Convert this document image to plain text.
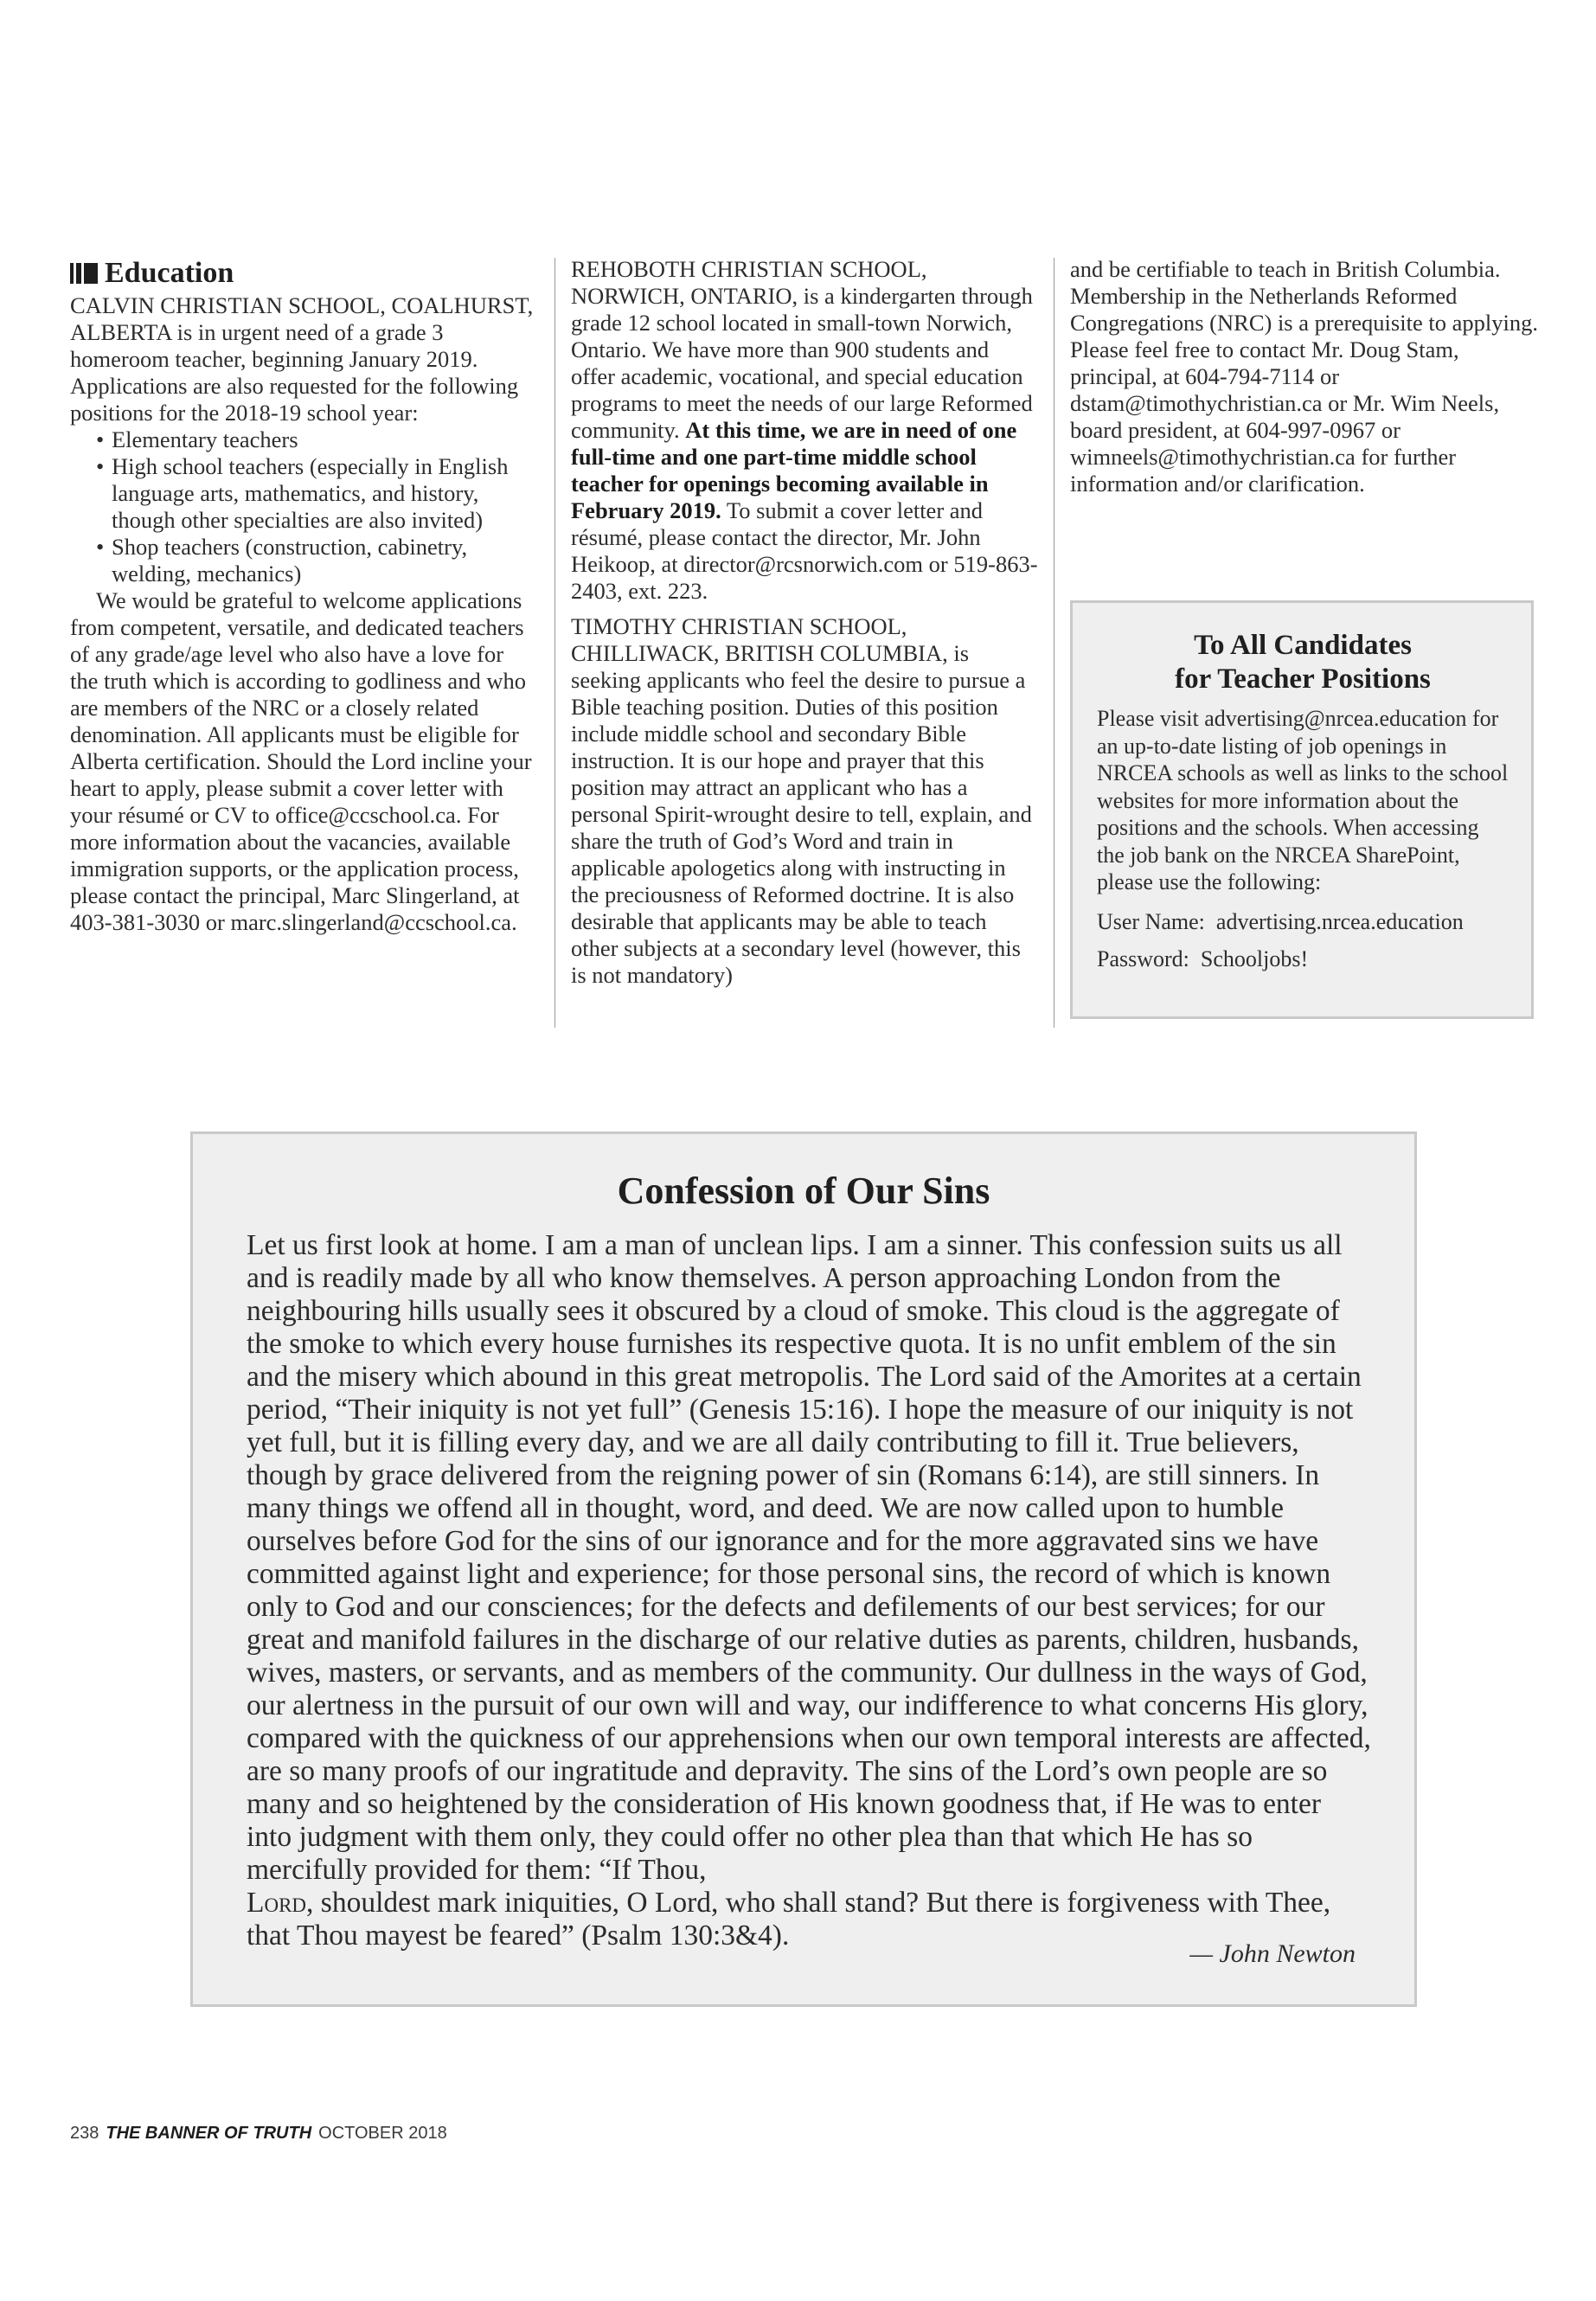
Education

CALVIN CHRISTIAN SCHOOL, COALHURST, ALBERTA is in urgent need of a grade 3 homeroom teacher, beginning January 2019. Applications are also requested for the following positions for the 2018-19 school year:

• Elementary teachers
• High school teachers (especially in English language arts, mathematics, and history, though other specialties are also invited)
• Shop teachers (construction, cabinetry, welding, mechanics)

We would be grateful to welcome applications from competent, versatile, and dedicated teachers of any grade/age level who also have a love for the truth which is according to godliness and who are members of the NRC or a closely related denomination. All applicants must be eligible for Alberta certification. Should the Lord incline your heart to apply, please submit a cover letter with your résumé or CV to office@ccschool.ca. For more information about the vacancies, available immigration supports, or the application process, please contact the principal, Marc Slingerland, at 403-381-3030 or marc.slingerland@ccschool.ca.

REHOBOTH CHRISTIAN SCHOOL, NORWICH, ONTARIO, is a kindergarten through grade 12 school located in small-town Norwich, Ontario. We have more than 900 students and offer academic, vocational, and special education programs to meet the needs of our large Reformed community. At this time, we are in need of one full-time and one part-time middle school teacher for openings becoming available in February 2019. To submit a cover letter and résumé, please contact the director, Mr. John Heikoop, at director@rcsnorwich.com or 519-863-2403, ext. 223.

TIMOTHY CHRISTIAN SCHOOL, CHILLIWACK, BRITISH COLUMBIA, is seeking applicants who feel the desire to pursue a Bible teaching position. Duties of this position include middle school and secondary Bible instruction. It is our hope and prayer that this position may attract an applicant who has a personal Spirit-wrought desire to tell, explain, and share the truth of God’s Word and train in applicable apologetics along with instructing in the preciousness of Reformed doctrine. It is also desirable that applicants may be able to teach other subjects at a secondary level (however, this is not mandatory)

and be certifiable to teach in British Columbia. Membership in the Netherlands Reformed Congregations (NRC) is a prerequisite to applying. Please feel free to contact Mr. Doug Stam, principal, at 604-794-7114 or dstam@timothychristian.ca or Mr. Wim Neels, board president, at 604-997-0967 or wimneels@timothychristian.ca for further information and/or clarification.

To All Candidates
for Teacher Positions
Please visit advertising@nrcea.education for an up-to-date listing of job openings in NRCEA schools as well as links to the school websites for more information about the positions and the schools. When accessing the job bank on the NRCEA SharePoint, please use the following:
User Name: advertising.nrcea.education
Password: Schooljobs!
Confession of Our Sins
Let us first look at home. I am a man of unclean lips. I am a sinner. This confession suits us all and is readily made by all who know themselves. A person approaching London from the neighbouring hills usually sees it obscured by a cloud of smoke. This cloud is the aggregate of the smoke to which every house furnishes its respective quota. It is no unfit emblem of the sin and the misery which abound in this great metropolis. The Lord said of the Amorites at a certain period, “Their iniquity is not yet full” (Genesis 15:16). I hope the measure of our iniquity is not yet full, but it is filling every day, and we are all daily contributing to fill it. True believers, though by grace delivered from the reigning power of sin (Romans 6:14), are still sinners. In many things we offend all in thought, word, and deed. We are now called upon to humble ourselves before God for the sins of our ignorance and for the more aggravated sins we have committed against light and experience; for those personal sins, the record of which is known only to God and our consciences; for the defects and defilements of our best services; for our great and manifold failures in the discharge of our relative duties as parents, children, husbands, wives, masters, or servants, and as members of the community. Our dullness in the ways of God, our alertness in the pursuit of our own will and way, our indifference to what concerns His glory, compared with the quickness of our apprehensions when our own temporal interests are affected, are so many proofs of our ingratitude and depravity. The sins of the Lord’s own people are so many and so heightened by the consideration of His known goodness that, if He was to enter into judgment with them only, they could offer no other plea than that which He has so mercifully provided for them: “If Thou,
Lord, shouldest mark iniquities, O Lord, who shall stand? But there is forgiveness with Thee, that Thou mayest be feared” (Psalm 130:3&4).
— John Newton
238 THE BANNER OF TRUTH OCTOBER 2018
